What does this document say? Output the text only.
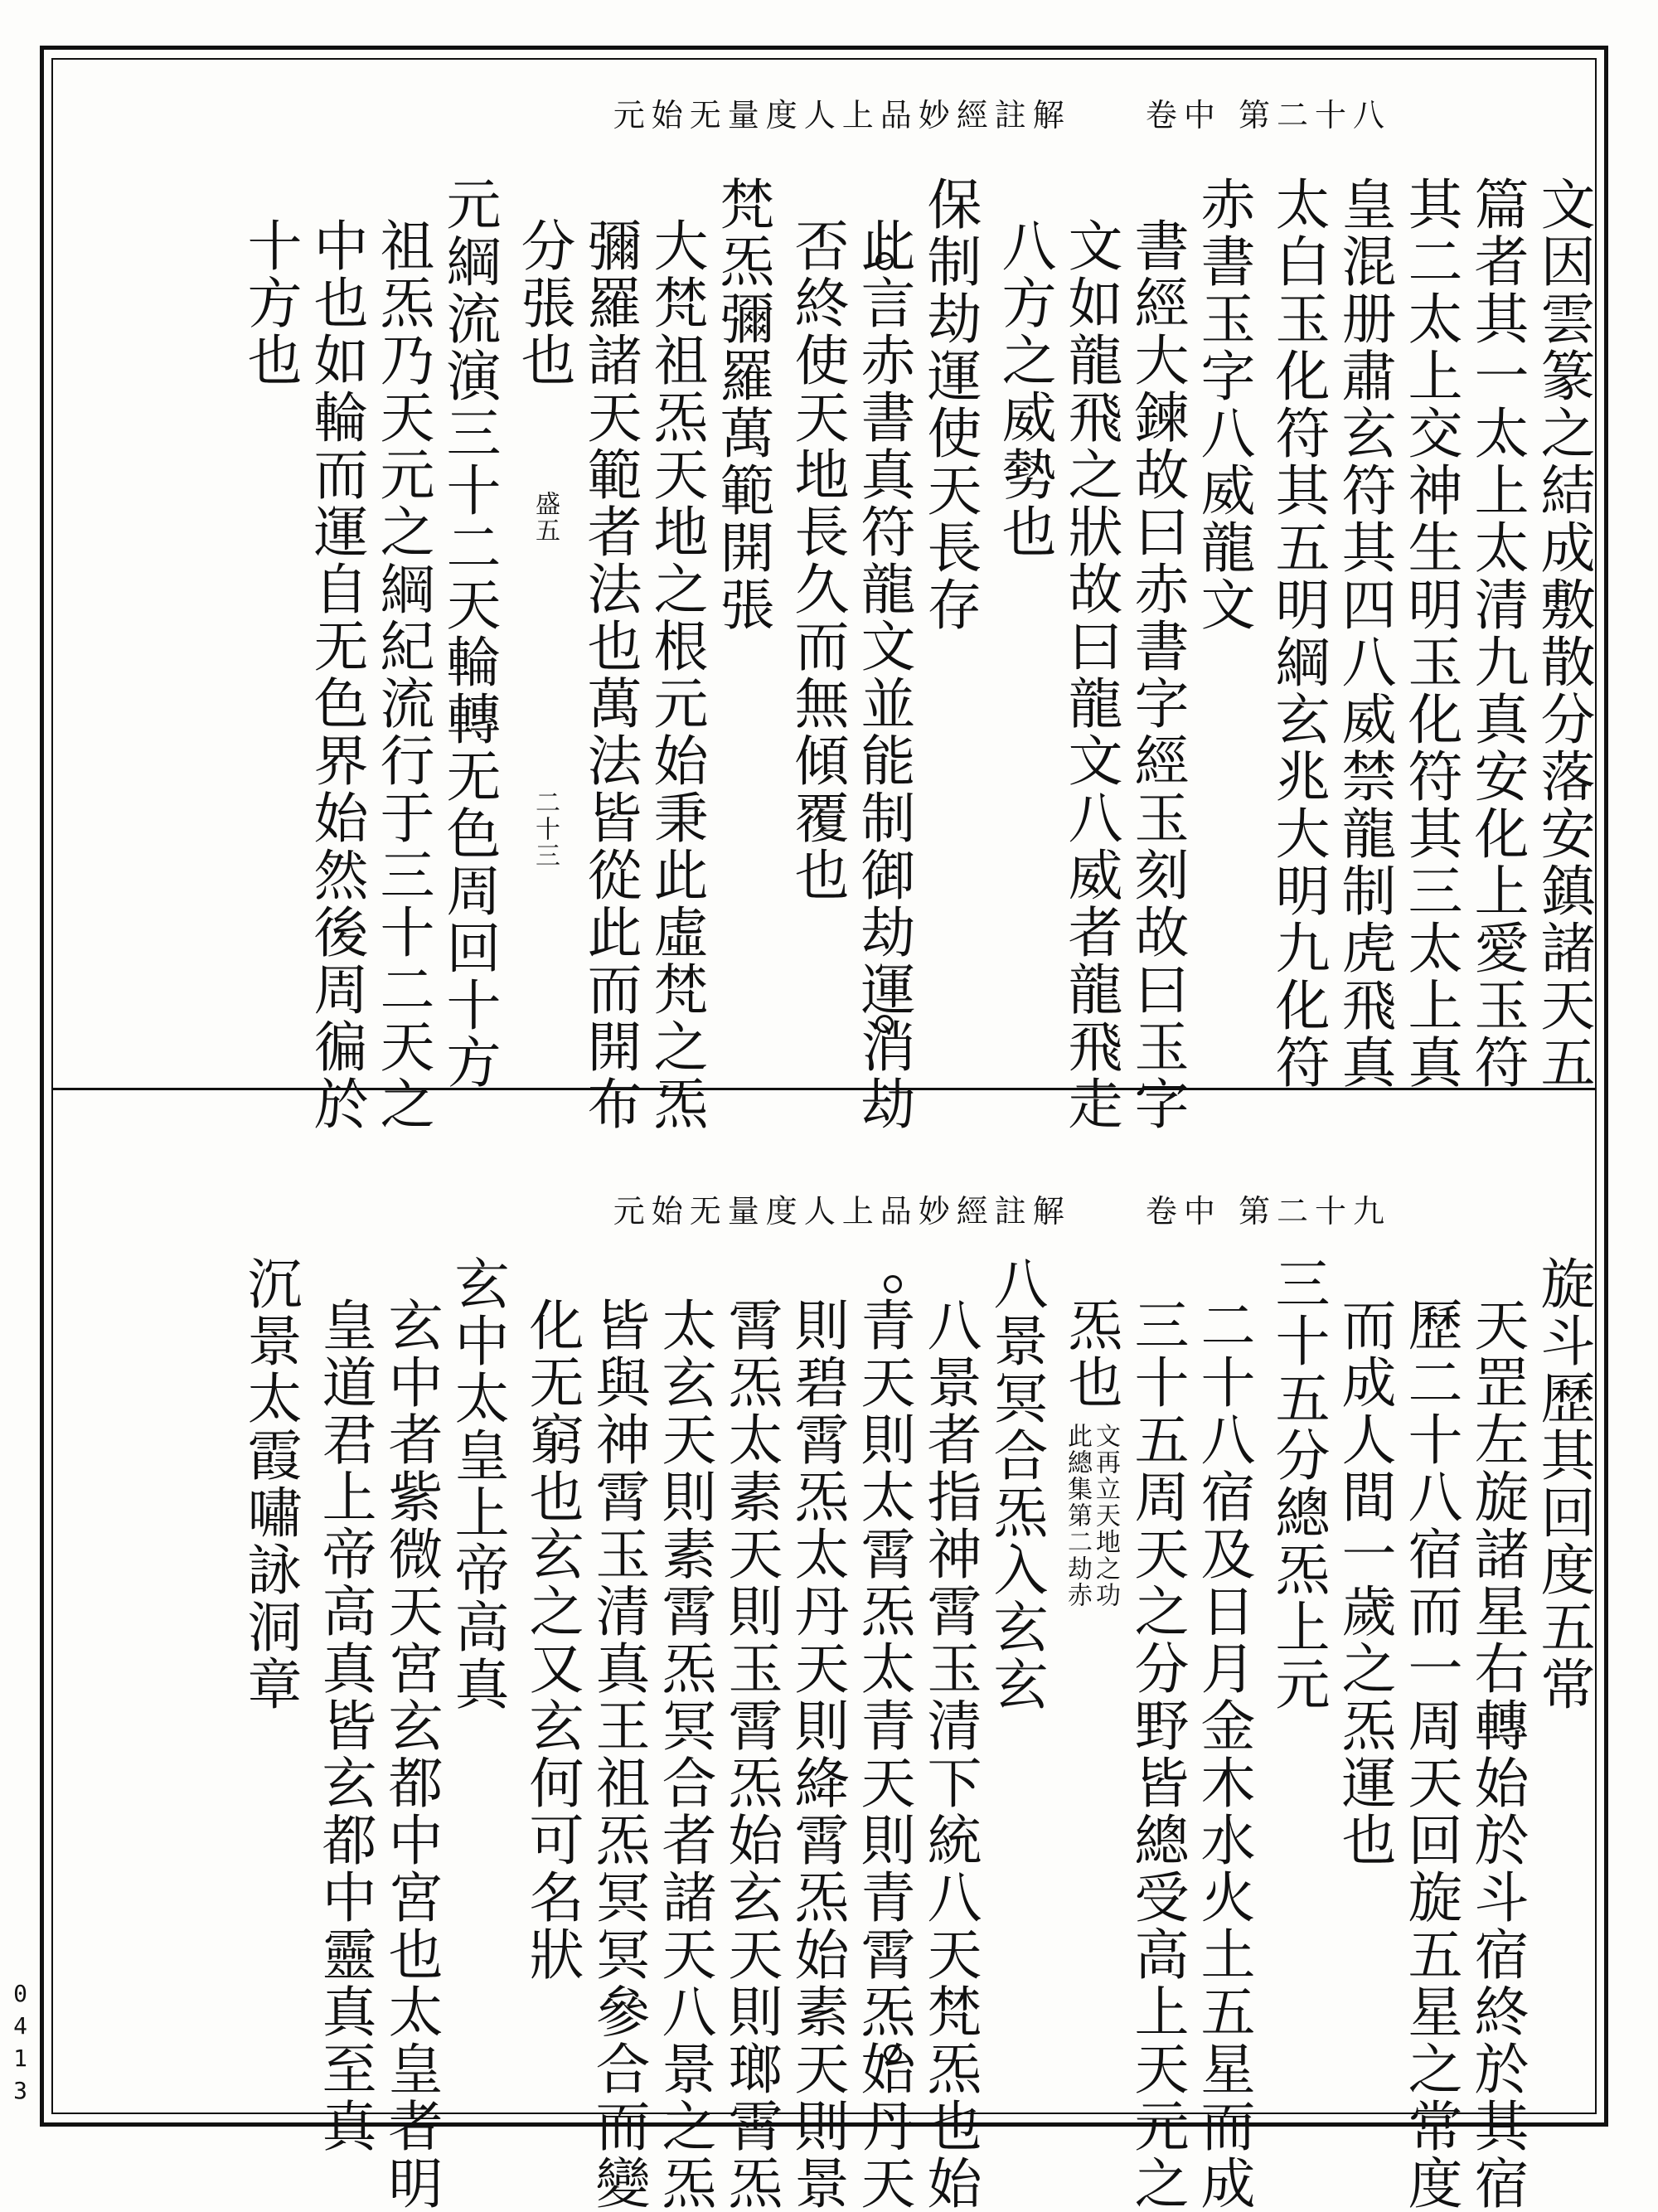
元始无量度人上品妙經註解 卷中 第二十八
文因雲篆之結成敷散分落安鎮諸天五
篇者其一太上太清九真安化上愛玉符
其二太上交神生明玉化符其三太上真
皇混册肅玄符其四八威禁龍制虎飛真
太白玉化符其五明綱玄兆大明九化符
赤書玉字八威龍文
書經大鍊故曰赤書字經玉刻故曰玉字
文如龍飛之狀故曰龍文八威者龍飛走
八方之威勢也
保制劫運使天長存
此言赤書真符龍文並能制御劫運消劫
否終使天地長久而無傾覆也
梵炁彌羅萬範開張
大梵祖炁天地之根元始秉此虛梵之炁
彌羅諸天範者法也萬法皆從此而開布
分張也
元綱流演三十二天輪轉无色周回十方
祖炁乃天元之綱紀流行于三十二天之
中也如輪而運自无色界始然後周徧於
十方也
盛五
二十三
元始无量度人上品妙經註解 卷中 第二十九
旋斗歷其回度五常
天罡左旋諸星右轉始於斗宿終於其宿
歷二十八宿而一周天回旋五星之常度
而成人間一歲之炁運也
三十五分總炁上元
二十八宿及日月金木水火土五星而成
三十五周天之分野皆總受高上天元之
炁也
八景冥合炁入玄玄
八景者指神霄玉清下統八天梵炁也始
青天則太霄炁太青天則青霄炁始丹天
則碧霄炁太丹天則絳霄炁始素天則景
霄炁太素天則玉霄炁始玄天則瑯霄炁
太玄天則素霄炁冥合者諸天八景之炁
皆與神霄玉清真王祖炁冥冥參合而變
化无窮也玄之又玄何可名狀
玄中太皇上帝高真
玄中者紫微天宮玄都中宮也太皇者明
皇道君上帝高真皆玄都中靈真至真
沉景太霞嘯詠洞章	此總集第二劫赤 文再立天地之功
0413
